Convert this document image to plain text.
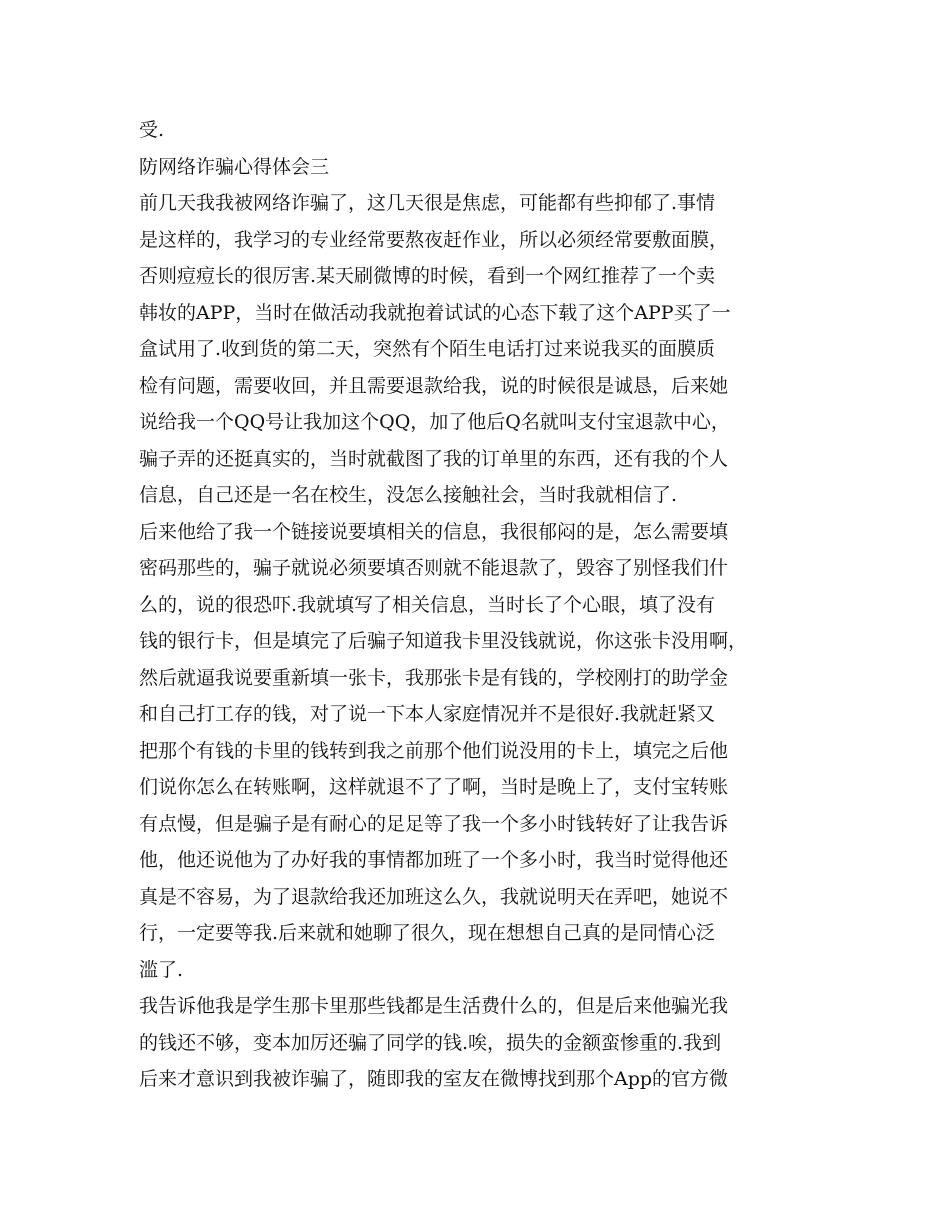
受.
防网络诈骗心得体会三
前几天我我被网络诈骗了，这几天很是焦虑，可能都有些抑郁了.事情
是这样的，我学习的专业经常要熬夜赶作业，所以必须经常要敷面膜，
否则痘痘长的很厉害.某天刷微博的时候，看到一个网红推荐了一个卖
韩妆的APP，当时在做活动我就抱着试试的心态下载了这个APP买了一
盒试用了.收到货的第二天，突然有个陌生电话打过来说我买的面膜质
检有问题，需要收回，并且需要退款给我，说的时候很是诚恳，后来她
说给我一个QQ号让我加这个QQ，加了他后Q名就叫支付宝退款中心，
骗子弄的还挺真实的，当时就截图了我的订单里的东西，还有我的个人
信息，自己还是一名在校生，没怎么接触社会，当时我就相信了.
后来他给了我一个链接说要填相关的信息，我很郁闷的是，怎么需要填
密码那些的，骗子就说必须要填否则就不能退款了，毁容了别怪我们什
么的，说的很恐吓.我就填写了相关信息，当时长了个心眼，填了没有
钱的银行卡，但是填完了后骗子知道我卡里没钱就说，你这张卡没用啊，
然后就逼我说要重新填一张卡，我那张卡是有钱的，学校刚打的助学金
和自己打工存的钱，对了说一下本人家庭情况并不是很好.我就赶紧又
把那个有钱的卡里的钱转到我之前那个他们说没用的卡上，填完之后他
们说你怎么在转账啊，这样就退不了了啊，当时是晚上了，支付宝转账
有点慢，但是骗子是有耐心的足足等了我一个多小时钱转好了让我告诉
他，他还说他为了办好我的事情都加班了一个多小时，我当时觉得他还
真是不容易，为了退款给我还加班这么久，我就说明天在弄吧，她说不
行，一定要等我.后来就和她聊了很久，现在想想自己真的是同情心泛
滥了.
我告诉他我是学生那卡里那些钱都是生活费什么的，但是后来他骗光我
的钱还不够，变本加厉还骗了同学的钱.唉，损失的金额蛮惨重的.我到
后来才意识到我被诈骗了，随即我的室友在微博找到那个App的官方微
